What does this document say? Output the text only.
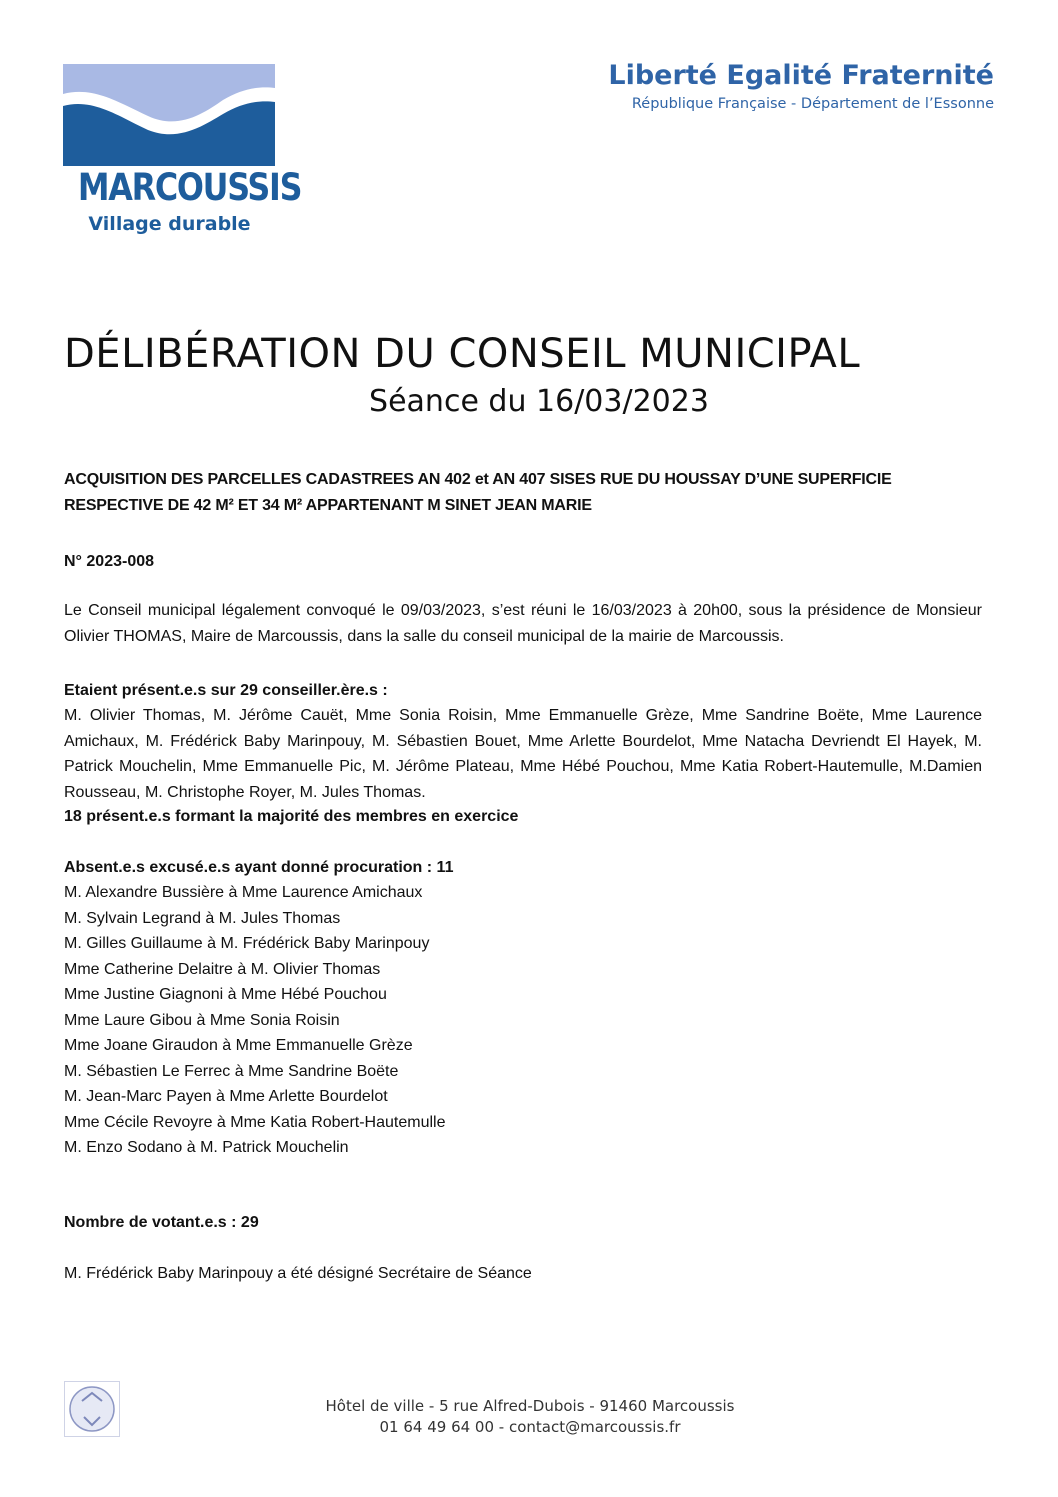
MARCOUSSIS
Village durable
Liberté Egalité Fraternité
République Française - Département de l’Essonne
DÉLIBÉRATION DU CONSEIL MUNICIPAL
Séance du 16/03/2023
ACQUISITION DES PARCELLES CADASTREES AN 402 et AN 407 SISES RUE DU HOUSSAY D’UNE SUPERFICIE RESPECTIVE DE 42 M² ET 34 M² APPARTENANT M SINET JEAN MARIE
N° 2023-008
Le Conseil municipal légalement convoqué le 09/03/2023, s’est réuni le 16/03/2023 à 20h00, sous la présidence de Monsieur Olivier THOMAS, Maire de Marcoussis, dans la salle du conseil municipal de la mairie de Marcoussis.
Etaient présent.e.s sur 29 conseiller.ère.s :
M. Olivier Thomas, M. Jérôme Cauët, Mme Sonia Roisin, Mme Emmanuelle Grèze, Mme Sandrine Boëte, Mme Laurence Amichaux, M. Frédérick Baby Marinpouy, M. Sébastien Bouet, Mme Arlette Bourdelot, Mme Natacha Devriendt El Hayek, M. Patrick Mouchelin, Mme Emmanuelle Pic, M. Jérôme Plateau, Mme Hébé Pouchou, Mme Katia Robert-Hautemulle, M.Damien Rousseau, M. Christophe Royer, M. Jules Thomas.
18 présent.e.s formant la majorité des membres en exercice
Absent.e.s excusé.e.s ayant donné procuration : 11
M. Alexandre Bussière à Mme Laurence Amichaux
M. Sylvain Legrand à M. Jules Thomas
M. Gilles Guillaume à M. Frédérick Baby Marinpouy
Mme Catherine Delaitre à M. Olivier Thomas
Mme Justine Giagnoni à Mme Hébé Pouchou
Mme Laure Gibou à Mme Sonia Roisin
Mme Joane Giraudon à Mme Emmanuelle Grèze
M. Sébastien Le Ferrec à Mme Sandrine Boëte
M. Jean-Marc Payen à Mme Arlette Bourdelot
Mme Cécile Revoyre à Mme Katia Robert-Hautemulle
M. Enzo Sodano à M. Patrick Mouchelin
Nombre de votant.e.s : 29
M. Frédérick Baby Marinpouy a été désigné Secrétaire de Séance
Hôtel de ville - 5 rue Alfred-Dubois - 91460 Marcoussis
01 64 49 64 00 - contact@marcoussis.fr
